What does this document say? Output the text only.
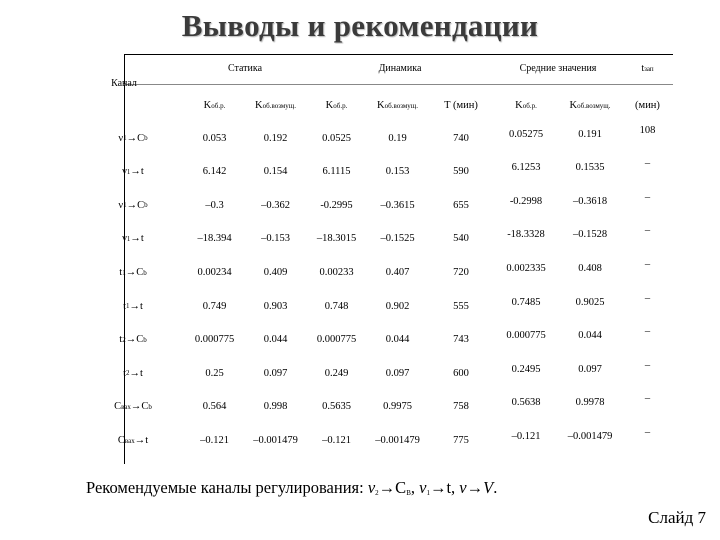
Выводы и рекомендации
Статика	Динамика	Средние значения	t зап
Канал
K об.р.	K об.возмущ.	K об.р.	K об.возмущ.	T (мин)	K об.р.	K об.возмущ.	(мин)
ν 1 → C b	0.053	0.192	0.0525	0.19	740	0.05275	0.191	108
ν 1 → t	6.142	0.154	6.1115	0.153	590	6.1253	0.1535	–
ν 1 → C b	–0.3	–0.362	-0.2995	–0.3615	655	-0.2998	–0.3618	–
ν 1 → t	–18.394	–0.153	–18.3015	–0.1525	540	-18.3328	–0.1528	–
t 1 → C b	0.00234	0.409	0.00233	0.407	720	0.002335	0.408	–
t 1 → t	0.749	0.903	0.748	0.902	555	0.7485	0.9025	–
t 2 → C b	0.000775	0.044	0.000775	0.044	743	0.000775	0.044	–
t 2 → t	0.25	0.097	0.249	0.097	600	0.2495	0.097	–
C вах → C b	0.564	0.998	0.5635	0.9975	758	0.5638	0.9978	–
C вах → t	–0.121	–0.001479	–0.121	–0.001479	775	–0.121	–0.001479	–
Рекомендуемые каналы регулирования: $\nu_2\to C_B$, $\nu_1\to t$, ν→V.
Слайд 7
